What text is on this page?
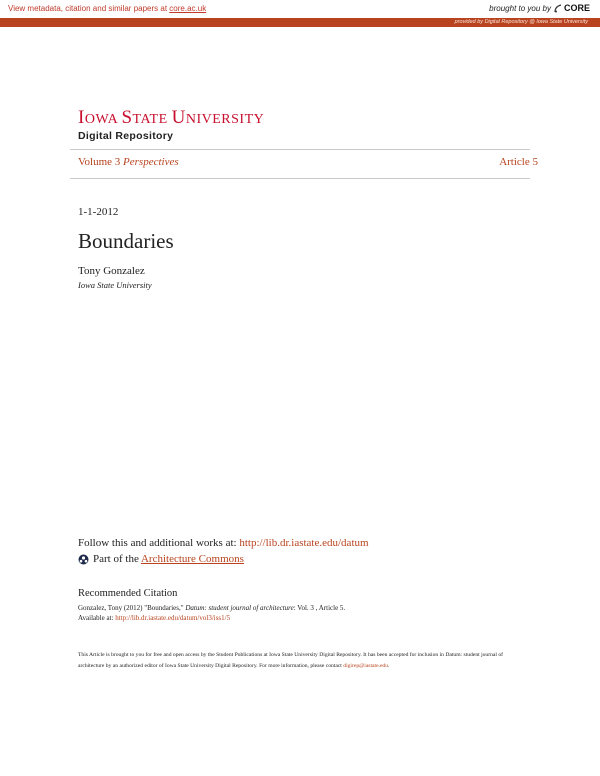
View metadata, citation and similar papers at core.ac.uk	brought to you by CORE
provided by Digital Repository @ Iowa State University
IOWA STATE UNIVERSITY
Digital Repository
Volume 3 Perspectives	Article 5
1-1-2012
Boundaries
Tony Gonzalez
Iowa State University
Follow this and additional works at: http://lib.dr.iastate.edu/datum
Part of the Architecture Commons
Recommended Citation
Gonzalez, Tony (2012) "Boundaries," Datum: student journal of architecture: Vol. 3 , Article 5.
Available at: http://lib.dr.iastate.edu/datum/vol3/iss1/5
This Article is brought to you for free and open access by the Student Publications at Iowa State University Digital Repository. It has been accepted for inclusion in Datum: student journal of architecture by an authorized editor of Iowa State University Digital Repository. For more information, please contact digirep@iastate.edu.
